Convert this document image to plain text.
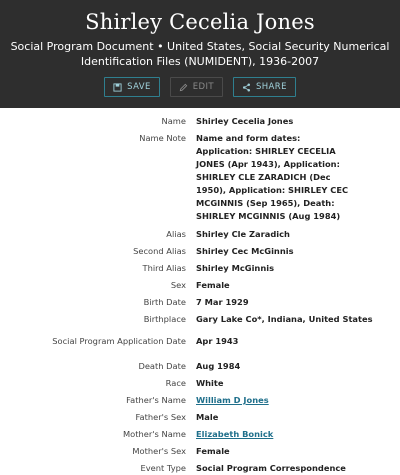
Shirley Cecelia Jones
Social Program Document • United States, Social Security Numerical Identification Files (NUMIDENT), 1936-2007
SAVE	EDIT	SHARE
Name	Shirley Cecelia Jones
Name Note	Name and form dates: Application: SHIRLEY CECELIA JONES (Apr 1943), Application: SHIRLEY CLE ZARADICH (Dec 1950), Application: SHIRLEY CEC MCGINNIS (Sep 1965), Death: SHIRLEY MCGINNIS (Aug 1984)
Alias	Shirley Cle Zaradich
Second Alias	Shirley Cec McGinnis
Third Alias	Shirley McGinnis
Sex	Female
Birth Date	7 Mar 1929
Birthplace	Gary Lake Co*, Indiana, United States
Social Program Application Date	Apr 1943
Death Date	Aug 1984
Race	White
Father's Name	William D Jones
Father's Sex	Male
Mother's Name	Elizabeth Bonick
Mother's Sex	Female
Event Type	Social Program Correspondence
